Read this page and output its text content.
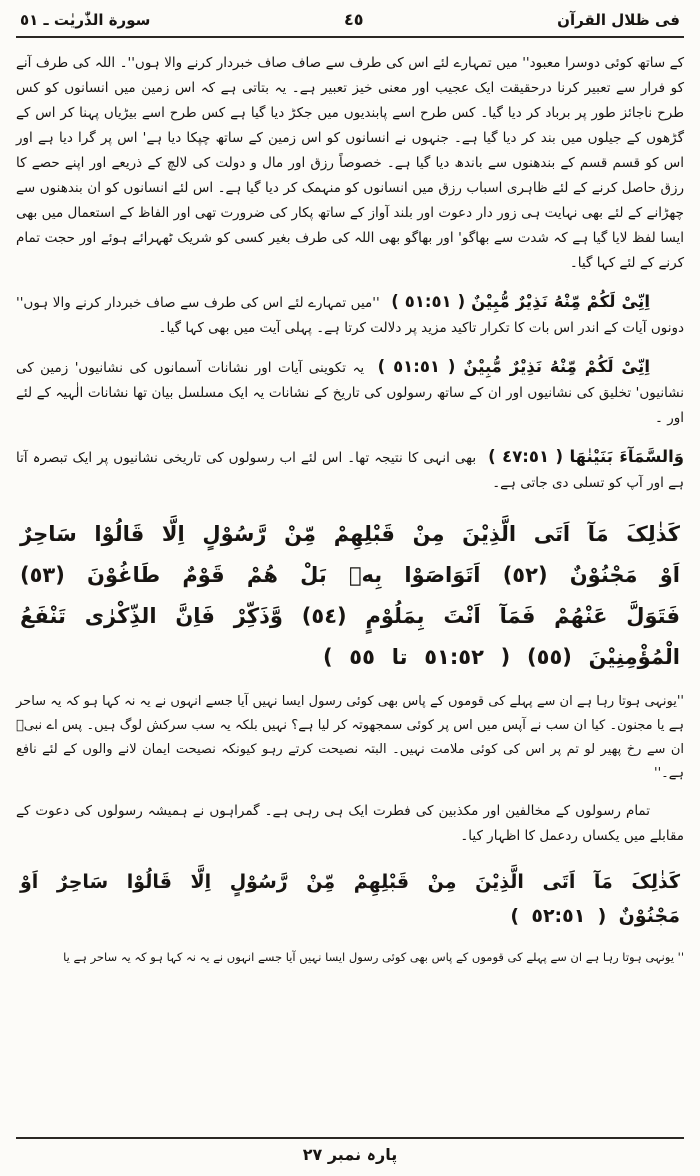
فی ظلال القرآن
٤٥
سورة الذّٰریٰت ـ ٥١

کے ساتھ کوئی دوسرا معبود'' میں تمہارے لئے اس کی طرف سے صاف صاف خبردار کرنے والا ہوں''۔ اللہ کی طرف آنے کو فرار سے تعبیر کرنا درحقیقت ایک عجیب اور معنی خیز تعبیر ہے۔ یہ بتاتی ہے کہ اس زمین میں انسانوں کو کس طرح ناجائز طور پر برباد کر دیا گیا۔ کس طرح اسے پابندیوں میں جکڑ دیا گیا ہے کس طرح اسے بیڑیاں پہنا کر اس کے گڑھوں کے جیلوں میں بند کر دیا گیا ہے۔ جنہوں نے انسانوں کو اس زمین کے ساتھ چپکا دیا ہے' اس پر گرا دیا ہے اور اس کو قسم قسم کے بندھنوں سے باندھ دیا گیا ہے۔ خصوصاً رزق اور مال و دولت کی لالچ کے ذریعے اور اپنے حصے کا رزق حاصل کرنے کے لئے ظاہری اسباب رزق میں انسانوں کو منہمک کر دیا گیا ہے۔ اس لئے انسانوں کو ان بندھنوں سے چھڑانے کے لئے بھی نہایت ہی زور دار دعوت اور بلند آواز کے ساتھ پکار کی ضرورت تھی اور الفاظ کے استعمال میں بھی ایسا لفظ لایا گیا ہے کہ شدت سے بھاگو' اور بھاگو بھی اللہ کی طرف بغیر کسی کو شریک ٹھہرائے ہوئے اور حجت تمام کرنے کے لئے کہا گیا۔

اِنِّیْ لَکُمْ مِّنْهُ نَذِیْرٌ مُّبِیْنٌ ( ٥١:٥١ ) ''میں تمہارے لئے اس کی طرف سے صاف خبردار کرنے والا ہوں'' دونوں آیات کے اندر اس بات کا تکرار تاکید مزید پر دلالت کرتا ہے۔ پہلی آیت میں بھی کہا گیا۔

اِنِّیْ لَکُمْ مِّنْهُ نَذِیْرٌ مُّبِیْنٌ ( ٥١:٥١ ) یہ تکوینی آیات اور نشانات آسمانوں کی نشانیوں' زمین کی نشانیوں' تخلیق کی نشانیوں اور ان کے ساتھ رسولوں کی تاریخ کے نشانات یہ ایک مسلسل بیان تھا نشانات الٰہیہ کے لئے اور ۔

وَالسَّمَآءَ بَنَیْنٰهَا ( ٤٧:٥١ ) بھی انہی کا نتیجہ تھا۔ اس لئے اب رسولوں کی تاریخی نشانیوں پر ایک تبصرہ آتا ہے اور آپ کو تسلی دی جاتی ہے۔

کَذٰلِکَ مَآ اَتَی الَّذِیْنَ مِنْ قَبْلِهِمْ مِّنْ رَّسُوْلٍ اِلَّا قَالُوْا سَاحِرٌ اَوْ مَجْنُوْنٌ (٥٢) اَتَوَاصَوْا بِهٖ بَلْ هُمْ قَوْمٌ طَاغُوْنَ (٥٣) فَتَوَلَّ عَنْهُمْ فَمَآ اَنْتَ بِمَلُوْمٍ (٥٤) وَّذَکِّرْ فَاِنَّ الذِّکْرٰی تَنْفَعُ الْمُؤْمِنِیْنَ (٥٥) ( ٥١:٥٢ تا ٥٥ )

''یونہی ہوتا رہا ہے ان سے پہلے کی قوموں کے پاس بھی کوئی رسول ایسا نہیں آیا جسے انہوں نے یہ نہ کہا ہو کہ یہ ساحر ہے یا مجنون۔ کیا ان سب نے آپس میں اس پر کوئی سمجھوتہ کر لیا ہے؟ نہیں بلکہ یہ سب سرکش لوگ ہیں۔ پس اے نبیؐ ان سے رخ پھیر لو تم پر اس کی کوئی ملامت نہیں۔ البتہ نصیحت کرتے رہو کیونکہ نصیحت ایمان لانے والوں کے لئے نافع ہے۔''

تمام رسولوں کے مخالفین اور مکذبین کی فطرت ایک ہی رہی ہے۔ گمراہوں نے ہمیشہ رسولوں کی دعوت کے مقابلے میں یکساں ردعمل کا اظہار کیا۔

کَذٰلِکَ مَآ اَتَی الَّذِیْنَ مِنْ قَبْلِهِمْ مِّنْ رَّسُوْلٍ اِلَّا قَالُوْا سَاحِرٌ اَوْ مَجْنُوْنٌ ( ٥٢:٥١ )

'' یونہی ہوتا رہا ہے ان سے پہلے کی قوموں کے پاس بھی کوئی رسول ایسا نہیں آیا جسے انہوں نے یہ نہ کہا ہو کہ یہ ساحر ہے یا

پارہ نمبر ۲۷
